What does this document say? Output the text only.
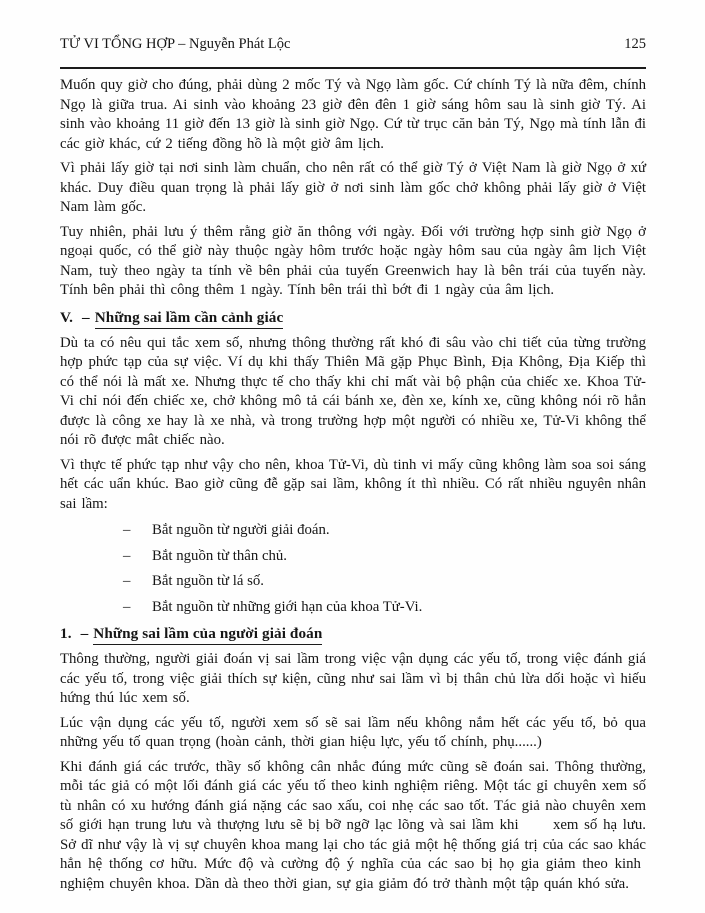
TỬ VI TỔNG HỢP – Nguyễn Phát Lộc	125

Muốn quy giờ cho đúng, phải dùng 2 mốc Tý và Ngọ làm gốc. Cứ chính Tý là nữa đêm, chính Ngọ là giữa trua. Ai sinh vào khoảng 23 giờ đên đên 1 giờ sáng hôm sau là sinh giờ Tý. Ai sinh vào khoảng 11 giờ đến 13 giờ là sinh giờ Ngọ. Cứ từ trục căn bản Tý, Ngọ mà tính lẫn đi các giờ khác, cứ 2 tiếng đồng hồ là một giờ âm lịch.

Vì phải lấy giờ tại nơi sinh làm chuẩn, cho nên rất có thể giờ Tý ở Việt Nam là giờ Ngọ ở xứ khác. Duy điều quan trọng là phải lấy giờ ở nơi sinh làm gốc chở không phải lấy giờ ở Việt Nam làm gốc.

Tuy nhiên, phải lưu ý thêm rằng giờ ăn thông với ngày. Đối với trường hợp sinh giờ Ngọ ở ngoại quốc, có thể giờ này thuộc ngày hôm trước hoặc ngày hôm sau của ngày âm lịch Việt Nam, tuỳ theo ngày ta tính về bên phải của tuyến Greenwich hay là bên trái của tuyến này. Tính bên phải thì công thêm 1 ngày. Tính bên trái thì bớt đi 1 ngày của âm lịch.

V. – Những sai lầm cần cảnh giác

Dù ta có nêu qui tắc xem số, nhưng thông thường rất khó đi sâu vào chi tiết của từng trường hợp phức tạp của sự việc. Ví dụ khi thấy Thiên Mã gặp Phục Bình, Địa Không, Địa Kiếp thì có thể nói là mất xe. Nhưng thực tế cho thấy khi chỉ mất vài bộ phận của chiếc xe. Khoa Tử-Vi chỉ nói đến chiếc xe, chở không mô tả cái bánh xe, đèn xe, kính xe, cũng không nói rõ hẳn được là công xe hay là xe nhà, và trong trường hợp một người có nhiều xe, Tử-Vi không thể nói rõ được mât chiếc nào.

Vì thực tế phức tạp như vậy cho nên, khoa Tử-Vi, dù tinh vi mấy cũng không làm soa soi sáng hết các uẩn khúc. Bao giờ cũng đễ gặp sai lầm, không ít thì nhiều. Có rất nhiều nguyên nhân sai lầm:

–	Bắt nguồn từ người giải đoán.
–	Bắt nguồn từ thân chủ.
–	Bắt nguồn từ lá số.
–	Bắt nguồn từ những giới hạn của khoa Tử-Vi.
1. – Những sai lầm của người giải đoán

Thông thường, người giải đoán vị sai lầm trong việc vận dụng các yếu tố, trong việc đánh giá các yếu tố, trong việc giải thích sự kiện, cũng như sai lầm vì bị thân chủ lừa dối hoặc vì hiếu hứng thú lúc xem số.

Lúc vận dụng các yếu tố, người xem số sẽ sai lầm nếu không nắm hết các yếu tố, bỏ qua những yếu tố quan trọng (hoàn cảnh, thời gian hiệu lực, yếu tố chính, phụ......)

Khi đánh giá các trước, thầy số không cân nhắc đúng mức cũng sẽ đoán sai. Thông thường, mỗi tác giả có một lối đánh giá các yếu tố theo kinh nghiệm riêng. Một tác gỉ chuyên xem số tù nhân có xu hướng đánh giá nặng các sao xấu, coi nhẹ các sao tốt. Tác giả nào chuyên xem số giới hạn trung lưu và thượng lưu sẽ bị bỡ ngỡ lạc lõng và sai lầm khi      xem số hạ lưu. Sở dĩ như vậy là vị sự chuyên khoa mang lại cho tác giả một hệ thống giá trị của các sao khác hẳn hệ thống cơ hữu. Mức độ và cường độ ý nghĩa của các sao bị họ gia giảm theo kinh  nghiệm chuyên khoa. Dần dà theo thời gian, sự gia giảm đó trở thành một tập quán khó sửa.
